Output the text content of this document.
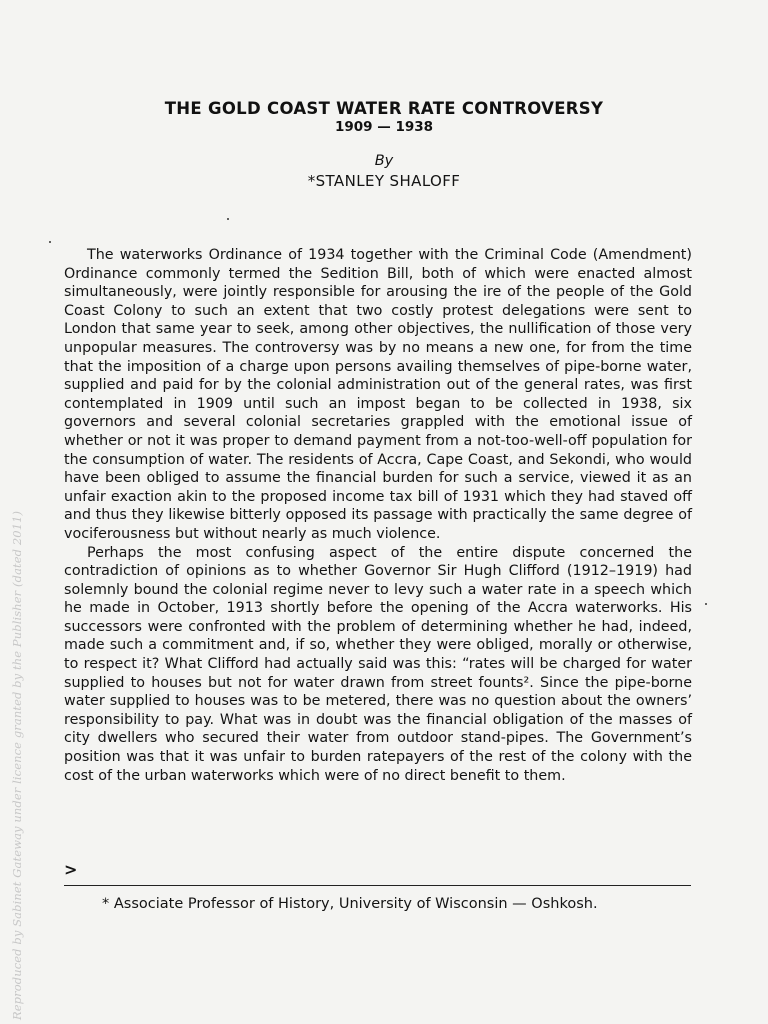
Reproduced by Sabinet Gateway under licence granted by the Publisher (dated 2011)
THE GOLD COAST WATER RATE CONTROVERSY
1909 — 1938
By
*STANLEY SHALOFF

The waterworks Ordinance of 1934 together with the Criminal Code (Amendment) Ordinance commonly termed the Sedition Bill, both of which were enacted almost simultaneously, were jointly responsible for arousing the ire of the people of the Gold Coast Colony to such an extent that two costly protest delegations were sent to London that same year to seek, among other objectives, the nullification of those very unpopular measures. The controversy was by no means a new one, for from the time that the imposition of a charge upon persons availing themselves of pipe-borne water, supplied and paid for by the colonial administration out of the general rates, was first contemplated in 1909 until such an impost began to be collected in 1938, six governors and several colonial secretaries grappled with the emotional issue of whether or not it was proper to demand payment from a not-too-well-off population for the consumption of water. The residents of Accra, Cape Coast, and Sekondi, who would have been obliged to assume the financial burden for such a service, viewed it as an unfair exaction akin to the proposed income tax bill of 1931 which they had staved off and thus they likewise bitterly opposed its passage with practically the same degree of vociferousness but without nearly as much violence.

Perhaps the most confusing aspect of the entire dispute concerned the contradiction of opinions as to whether Governor Sir Hugh Clifford (1912–1919) had solemnly bound the colonial regime never to levy such a water rate in a speech which he made in October, 1913 shortly before the opening of the Accra waterworks. His successors were confronted with the problem of determining whether he had, indeed, made such a commitment and, if so, whether they were obliged, morally or otherwise, to respect it? What Clifford had actually said was this: “rates will be charged for water supplied to houses but not for water drawn from street founts². Since the pipe-borne water supplied to houses was to be metered, there was no question about the owners’ responsibility to pay. What was in doubt was the financial obligation of the masses of city dwellers who secured their water from outdoor stand-pipes. The Government’s position was that it was unfair to burden ratepayers of the rest of the colony with the cost of the urban waterworks which were of no direct benefit to them.

>
* Associate Professor of History, University of Wisconsin — Oshkosh.
